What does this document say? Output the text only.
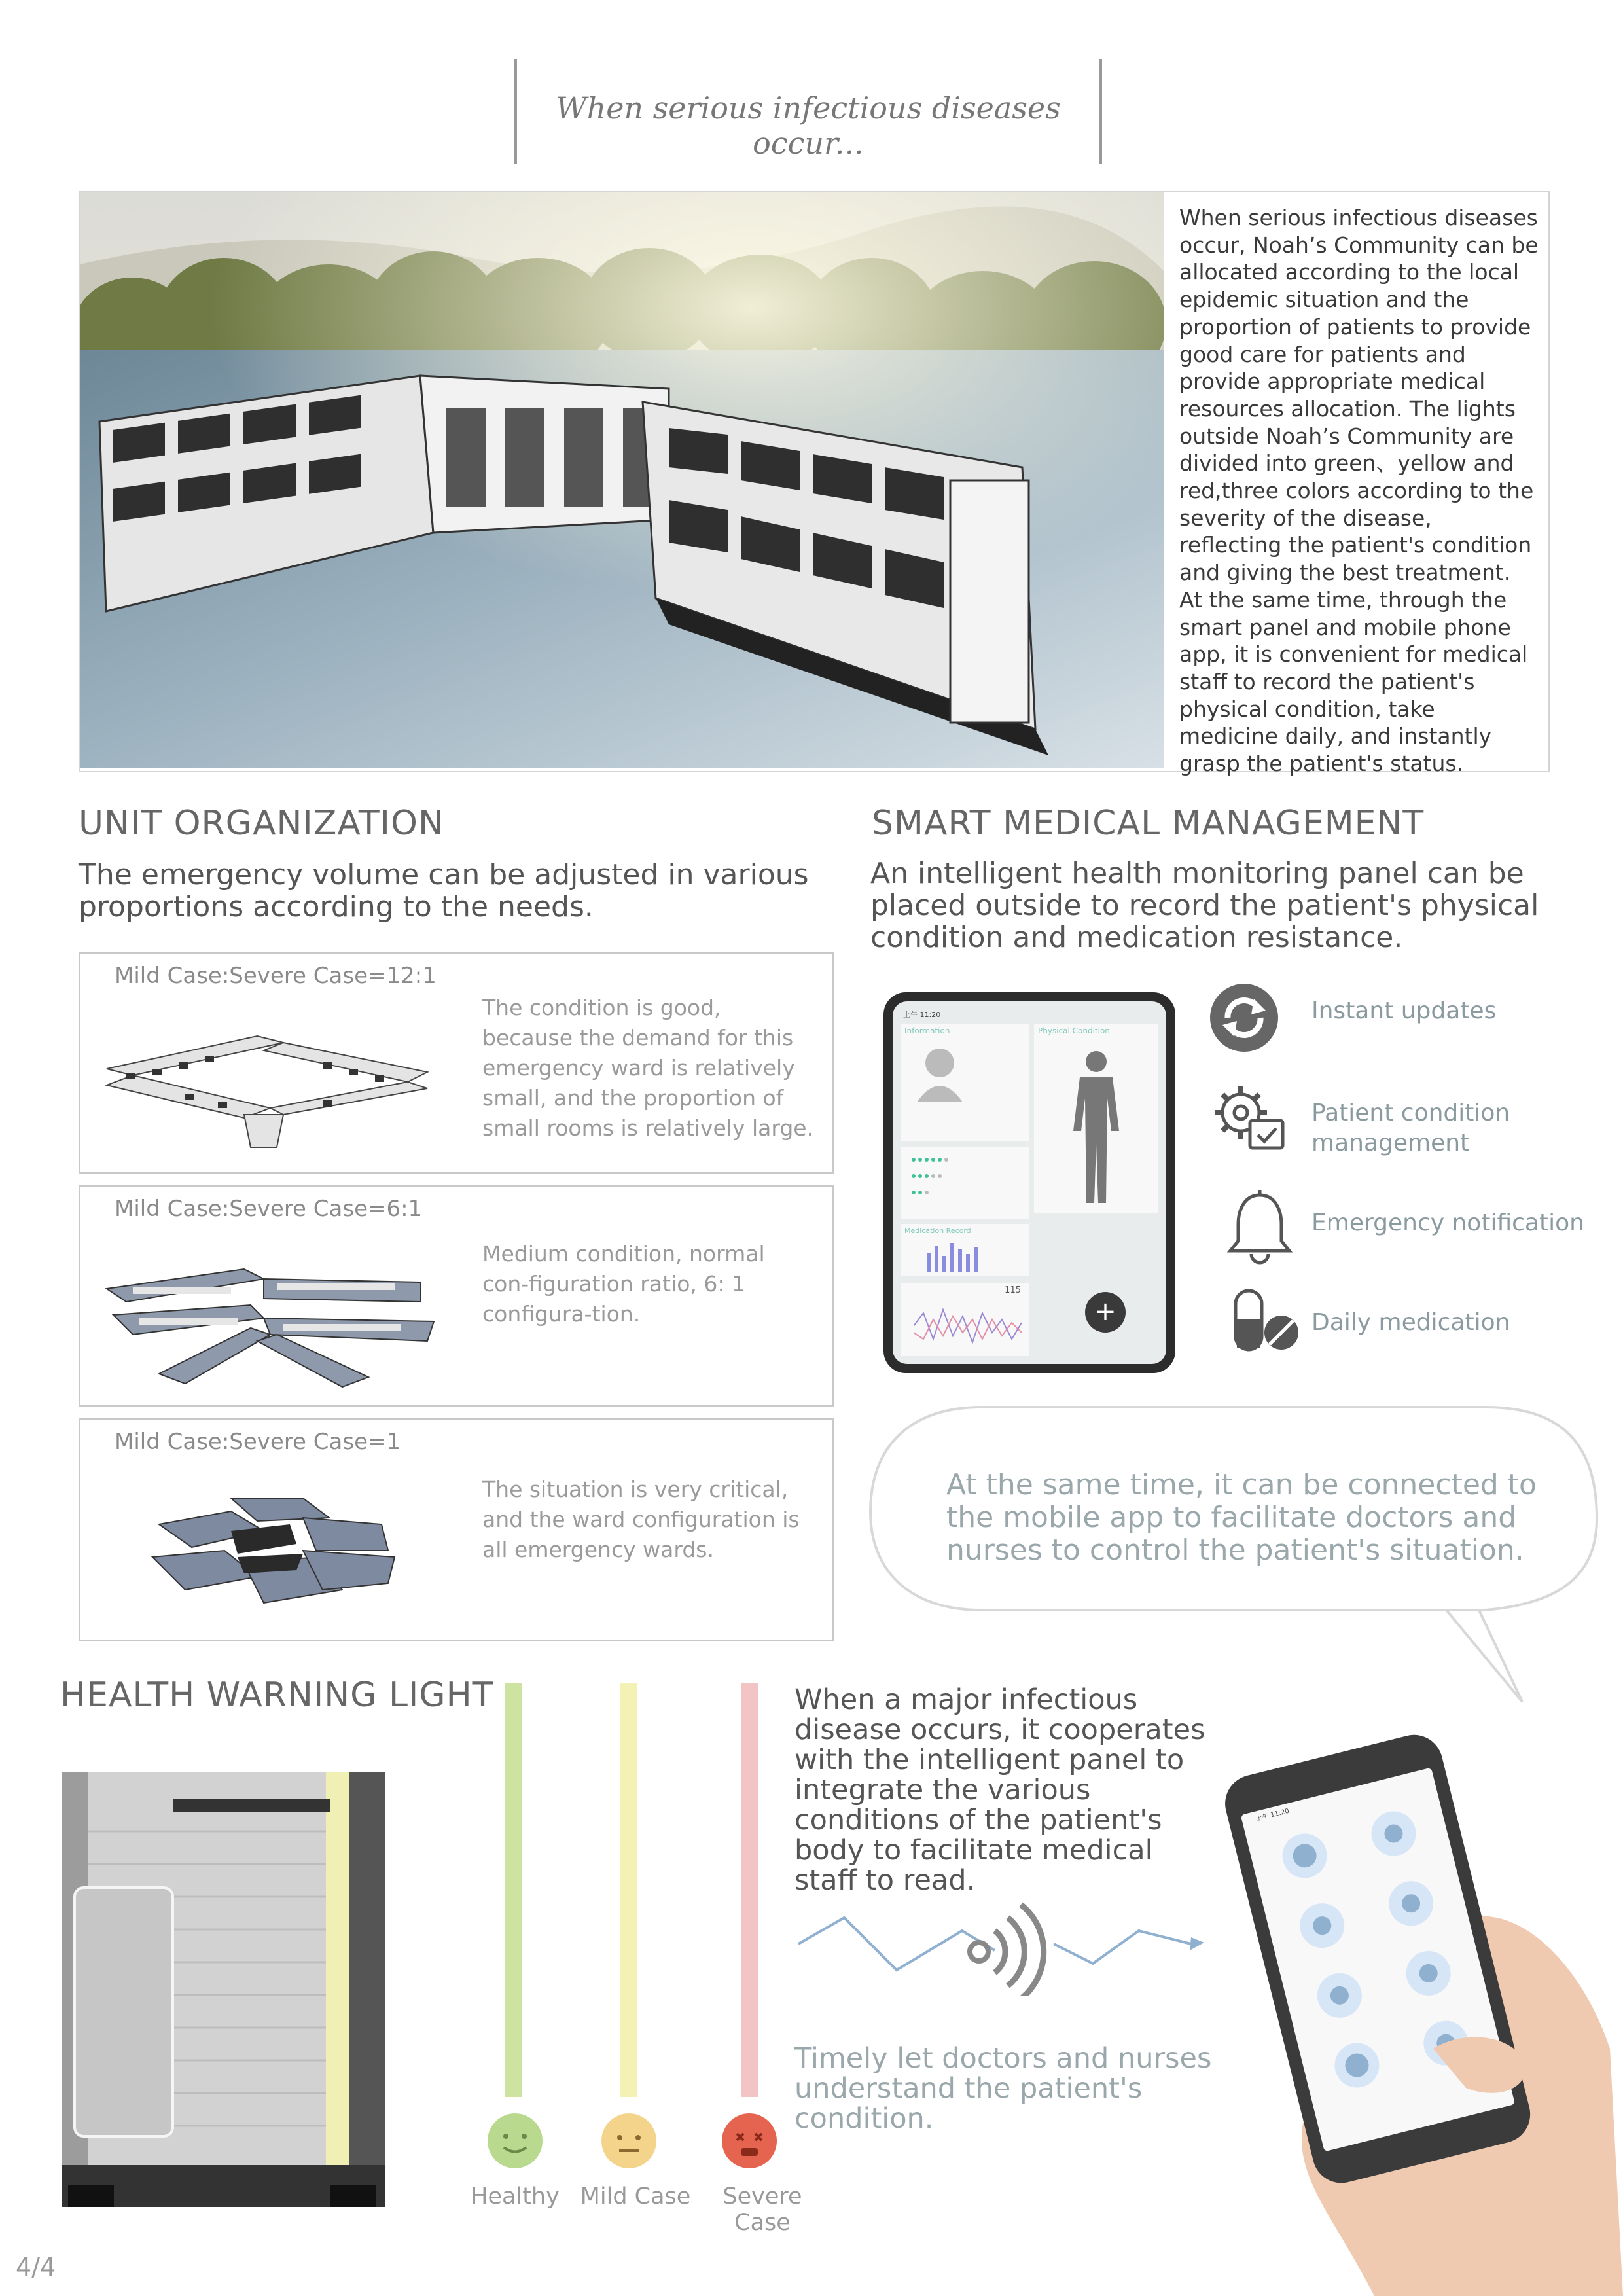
When serious infectious diseases occur...
When serious infectious diseases occur, Noah’s Community can be allocated according to the local epidemic situation and the proportion of patients to provide good care for patients and provide appropriate medical resources allocation. The lights outside Noah’s Community are divided into green、yellow and red,three colors according to the severity of the disease, reflecting the patient's condition and giving the best treatment. At the same time, through the smart panel and mobile phone app, it is convenient for medical staff to record the patient's physical condition, take medicine daily, and instantly grasp the patient's status.
UNIT ORGANIZATION
The emergency volume can be adjusted in various proportions according to the needs.
Mild Case:Severe Case=12:1
The condition is good, because the demand for this emergency ward is relatively small, and the proportion of small rooms is relatively large.
Mild Case:Severe Case=6:1
Medium condition, normal con-figuration ratio, 6: 1 configura-tion.
Mild Case:Severe Case=1
The situation is very critical, and the ward configuration is all emergency wards.
SMART MEDICAL MANAGEMENT
An intelligent health monitoring panel can be placed outside to record the patient's physical condition and medication resistance.
上午 11:20
Information
Medication Record
115
Physical Condition
+
Instant updates
Patient condition management
Emergency notification
Daily medication
At the same time, it can be connected to the mobile app to facilitate doctors and nurses to control the patient's situation.
HEALTH WARNING LIGHT
Healthy Mild Case	Severe Case
When a major infectious disease occurs, it cooperates with the intelligent panel to integrate the various conditions of the patient's body to facilitate medical staff to read.
Timely let doctors and nurses understand the patient's condition.
上午 11:20
4/4
